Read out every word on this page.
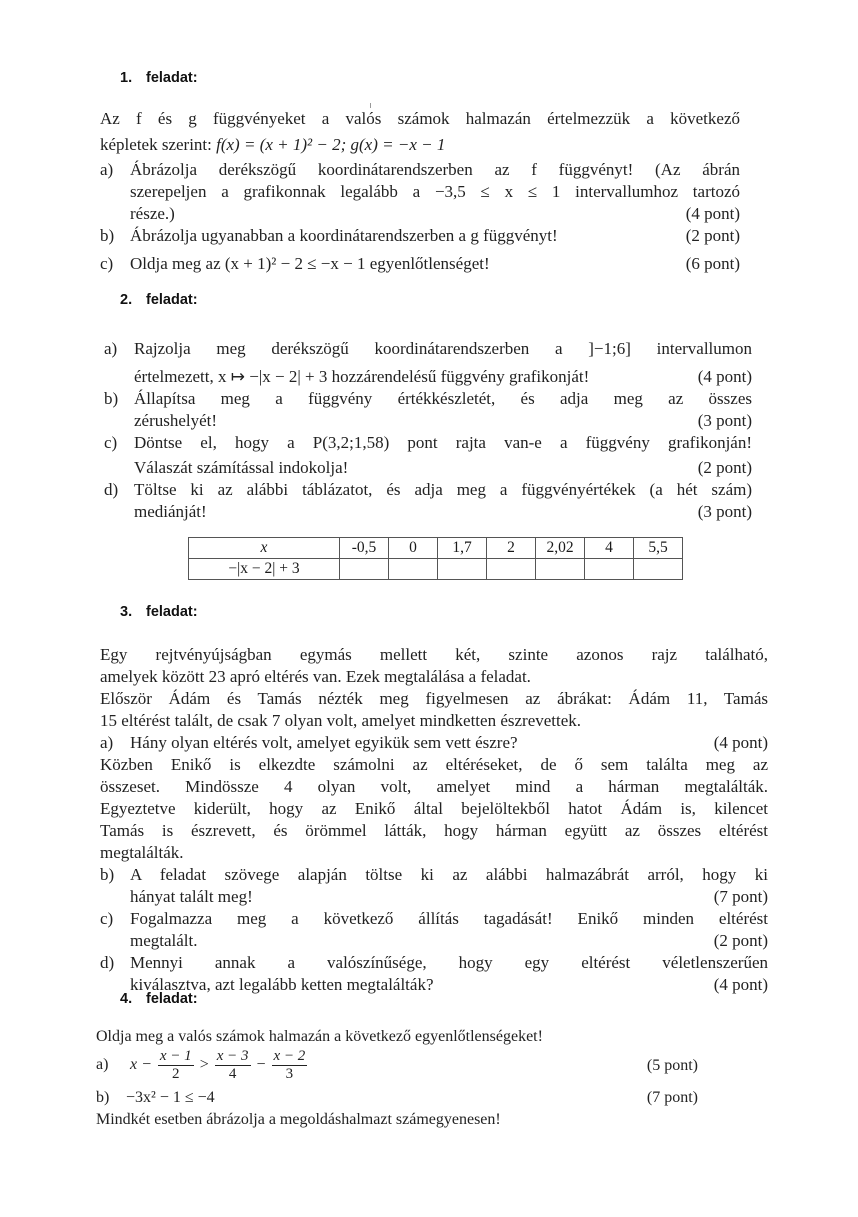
1. feladat:
Az f és g függvényeket a valós számok halmazán értelmezzük a következő
képletek szerint: f(x) = (x + 1)² − 2; g(x) = −x − 1
a) Ábrázolja derékszögű koordinátarendszerben az f függvényt! (Az ábrán
szerepeljen a grafikonnak legalább a −3,5 ≤ x ≤ 1 intervallumhoz tartozó
része.)	(4 pont)
b) Ábrázolja ugyanabban a koordinátarendszerben a g függvényt!	(2 pont)
c) Oldja meg az (x + 1)² − 2 ≤ −x − 1 egyenlőtlenséget!	(6 pont)
2. feladat:
a) Rajzolja meg derékszögű koordinátarendszerben a ]−1;6] intervallumon
értelmezett, x ↦ −|x − 2| + 3 hozzárendelésű függvény grafikonját!	(4 pont)
b) Állapítsa meg a függvény értékkészletét, és adja meg az összes
zérushelyét!	(3 pont)
c) Döntse el, hogy a P(3,2;1,58) pont rajta van-e a függvény grafikonján!
Válaszát számítással indokolja!	(2 pont)
d) Töltse ki az alábbi táblázatot, és adja meg a függvényértékek (a hét szám)
mediánját!	(3 pont)
x	-0,5	0	1,7	2	2,02	4	5,5
−|x − 2| + 3							
3. feladat:
Egy rejtvényújságban egymás mellett két, szinte azonos rajz található,
amelyek között 23 apró eltérés van. Ezek megtalálása a feladat.
Először Ádám és Tamás nézték meg figyelmesen az ábrákat: Ádám 11, Tamás
15 eltérést talált, de csak 7 olyan volt, amelyet mindketten észrevettek.
a) Hány olyan eltérés volt, amelyet egyikük sem vett észre?	(4 pont)
Közben Enikő is elkezdte számolni az eltéréseket, de ő sem találta meg az
összeset. Mindössze 4 olyan volt, amelyet mind a hárman megtalálták.
Egyeztetve kiderült, hogy az Enikő által bejelöltekből hatot Ádám is, kilencet
Tamás is észrevett, és örömmel látták, hogy hárman együtt az összes eltérést
megtalálták.
b) A feladat szövege alapján töltse ki az alábbi halmazábrát arról, hogy ki
hányat talált meg!	(7 pont)
c) Fogalmazza meg a következő állítás tagadását! Enikő minden eltérést
megtalált.	(2 pont)
d) Mennyi annak a valószínűsége, hogy egy eltérést véletlenszerűen
kiválasztva, azt legalább ketten megtalálták?	(4 pont)
4. feladat:
Oldja meg a valós számok halmazán a következő egyenlőtlenségeket!
a) $x - \frac{x - 1}{2} > \frac{x - 3}{4} - \frac{x - 2}{3}$	(5 pont)
b) −3x² − 1 ≤ −4	(7 pont)
Mindkét esetben ábrázolja a megoldáshalmazt számegyenesen!
